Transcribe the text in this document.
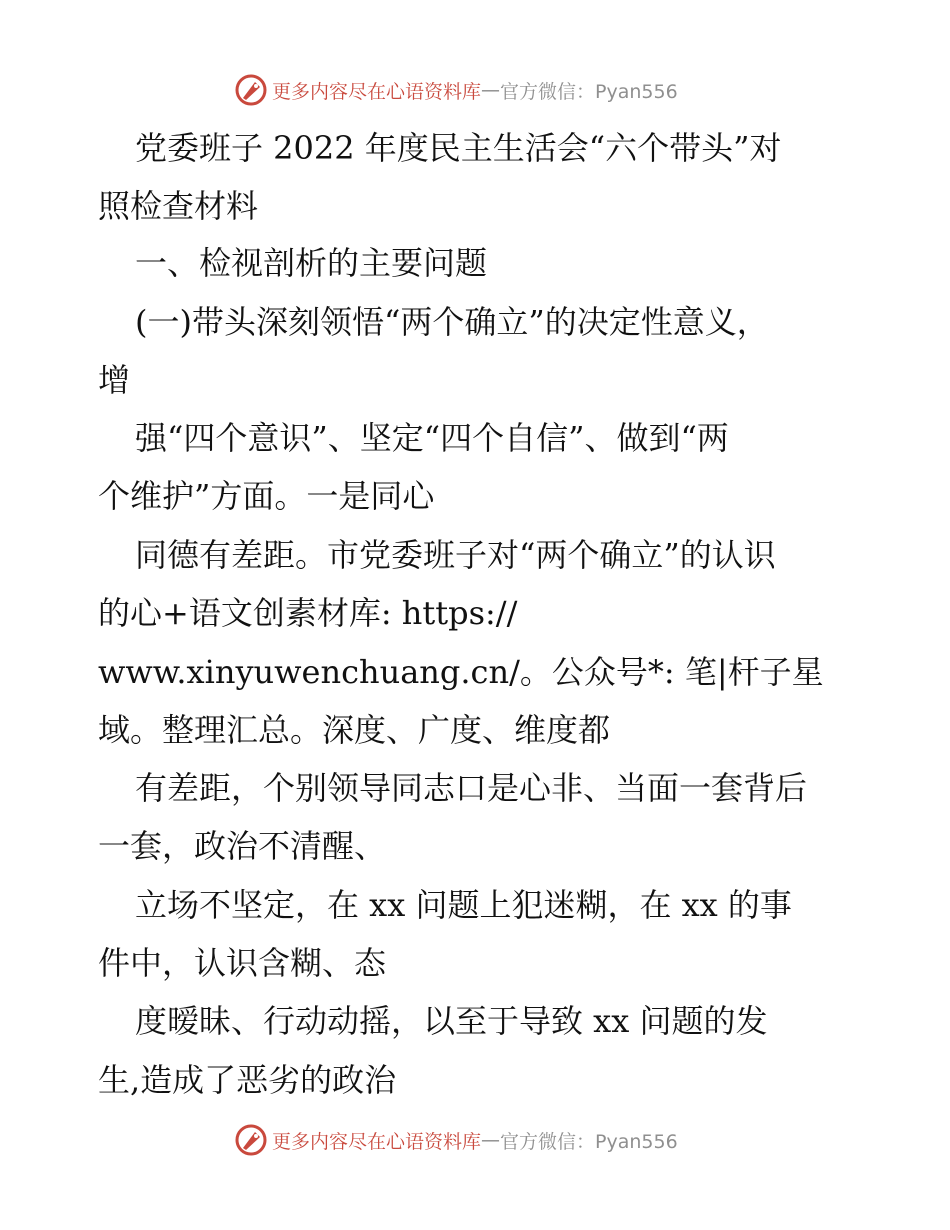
更多内容尽在心语资料库 — 官方微信：Pyan556
党委班子 2022 年度民主生活会“六个带头”对
照检查材料
一、检视剖析的主要问题
(一)带头深刻领悟“两个确立”的决定性意义，
增
强“四个意识”、坚定“四个自信”、做到“两
个维护”方面。一是同心
同德有差距。市党委班子对“两个确立”的认识
的心+语文创素材库: https://
www.xinyuwenchuang.cn/。公众号*: 笔|杆子星
域。整理汇总。深度、广度、维度都
有差距，个别领导同志口是心非、当面一套背后
一套，政治不清醒、
立场不坚定，在 xx 问题上犯迷糊，在 xx 的事
件中，认识含糊、态
度暧昧、行动动摇，以至于导致 xx 问题的发
生,造成了恶劣的政治
更多内容尽在心语资料库 — 官方微信：Pyan556
